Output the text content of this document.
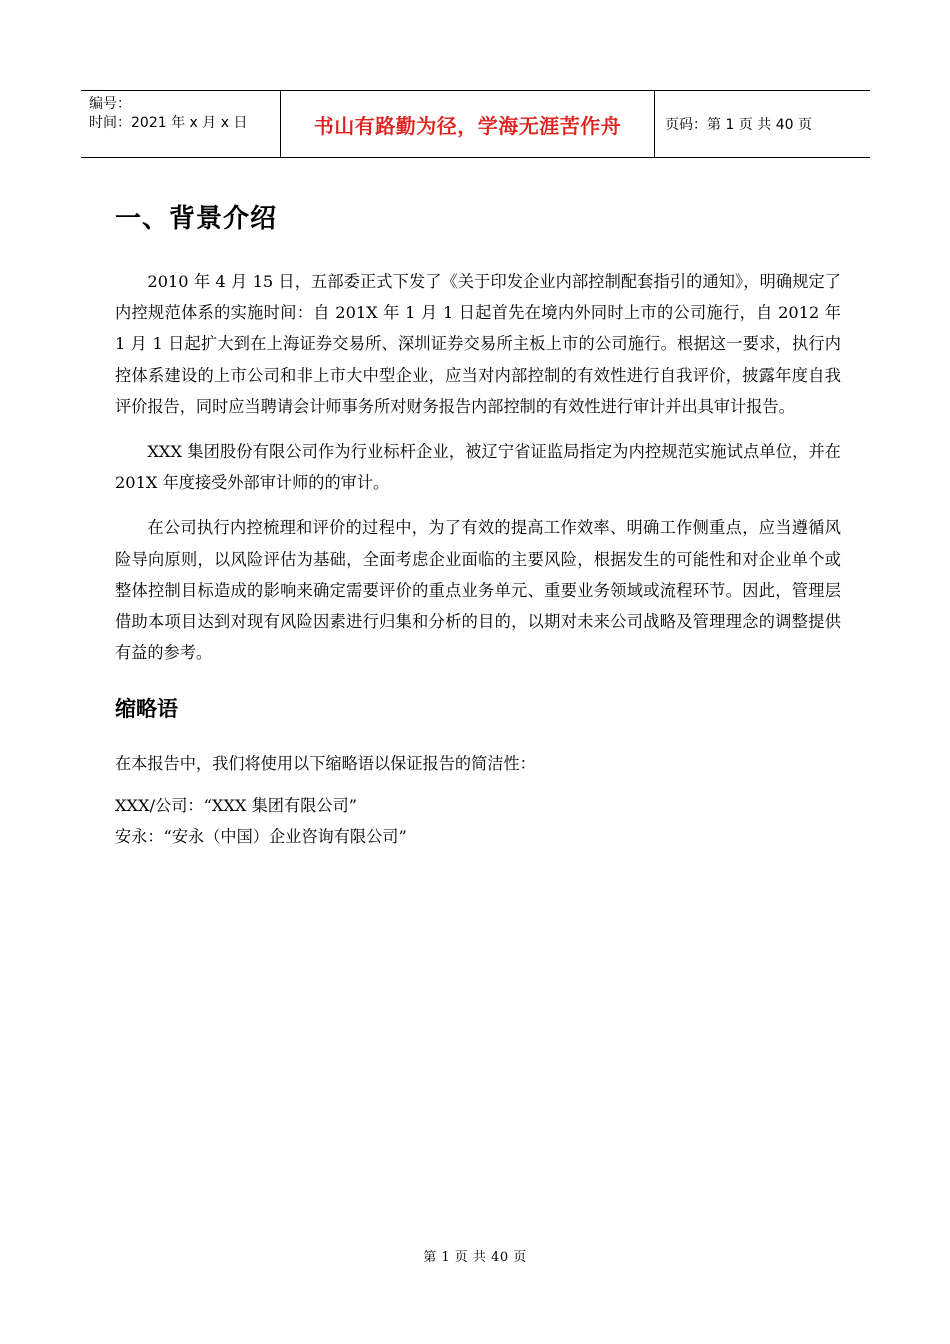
编号：
时间：2021 年 x 月 x 日	书山有路勤为径，学海无涯苦作舟	页码：第 1 页 共 40 页
一、背景介绍

2010 年 4 月 15 日，五部委正式下发了《关于印发企业内部控制配套指引的通知》，明确规定了内控规范体系的实施时间：自 201X 年 1 月 1 日起首先在境内外同时上市的公司施行，自 2012 年 1 月 1 日起扩大到在上海证券交易所、深圳证券交易所主板上市的公司施行。根据这一要求，执行内控体系建设的上市公司和非上市大中型企业，应当对内部控制的有效性进行自我评价，披露年度自我评价报告，同时应当聘请会计师事务所对财务报告内部控制的有效性进行审计并出具审计报告。

XXX 集团股份有限公司作为行业标杆企业，被辽宁省证监局指定为内控规范实施试点单位，并在 201X 年度接受外部审计师的的审计。

在公司执行内控梳理和评价的过程中，为了有效的提高工作效率、明确工作侧重点，应当遵循风险导向原则，以风险评估为基础，全面考虑企业面临的主要风险，根据发生的可能性和对企业单个或整体控制目标造成的影响来确定需要评价的重点业务单元、重要业务领域或流程环节。因此，管理层借助本项目达到对现有风险因素进行归集和分析的目的，以期对未来公司战略及管理理念的调整提供有益的参考。

缩略语

在本报告中，我们将使用以下缩略语以保证报告的简洁性：

XXX/公司：“XXX 集团有限公司”

安永：“安永（中国）企业咨询有限公司”

第 1 页 共 40 页
